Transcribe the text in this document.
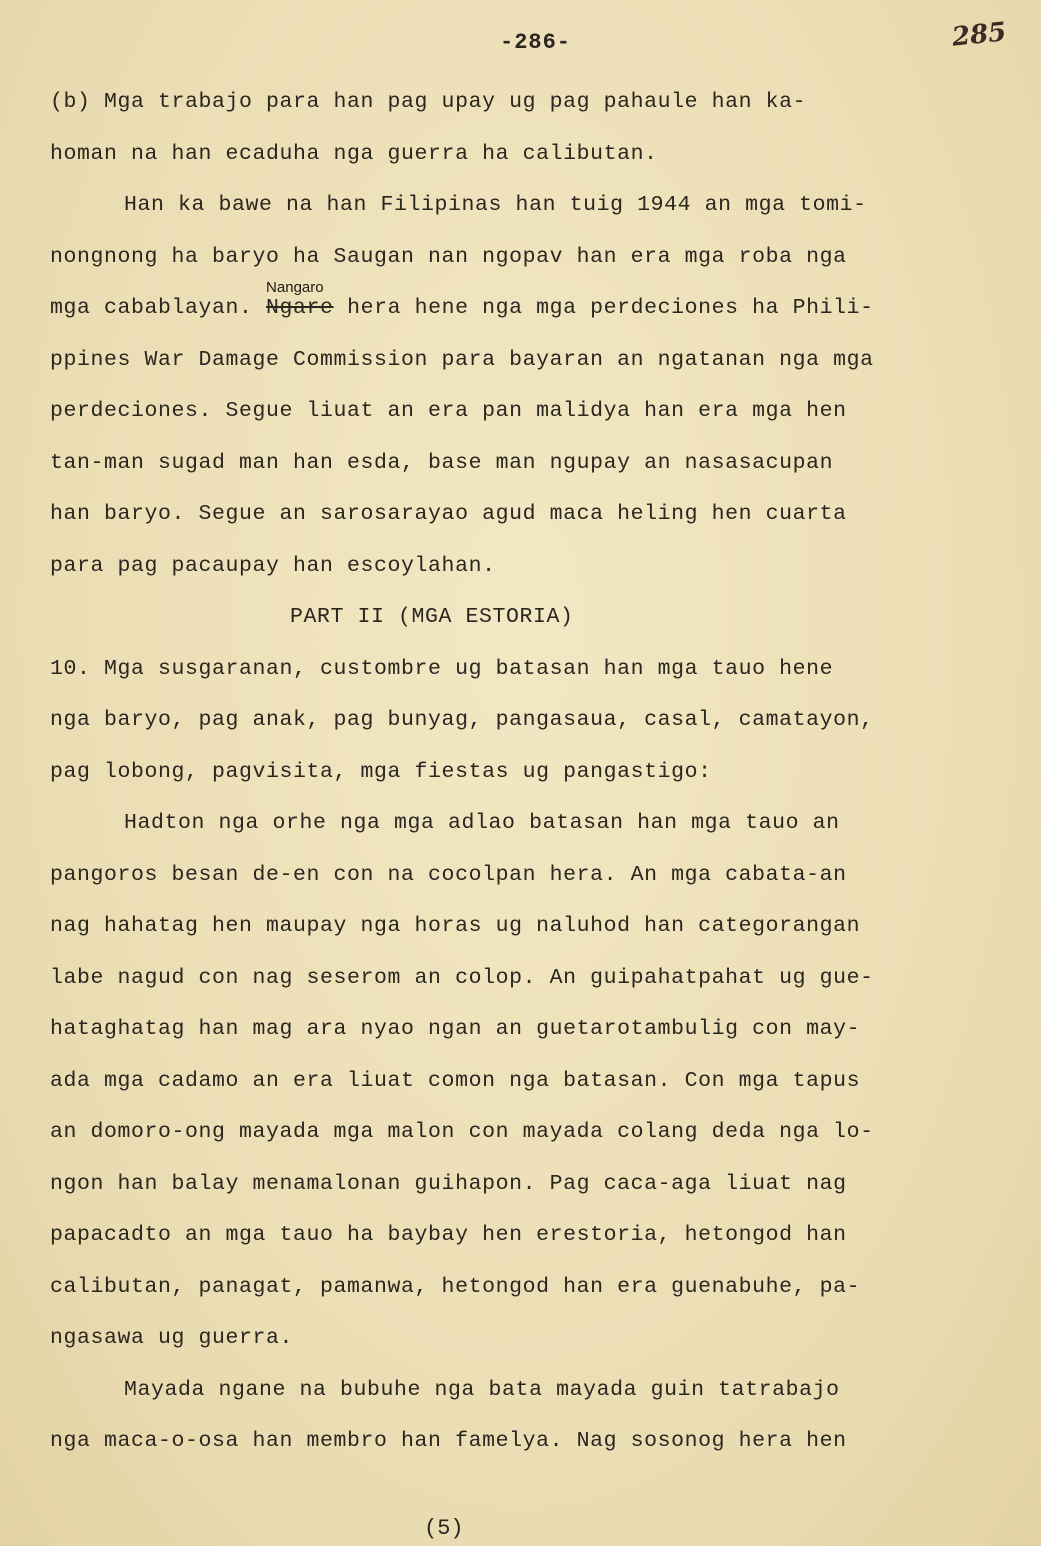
-286-	285
(b) Mga trabajo para han pag upay ug pag pahaule han ka-
homan na han ecaduha nga guerra ha calibutan.
Han ka bawe na han Filipinas han tuig 1944 an mga tomi-
nongnong ha baryo ha Saugan nan ngopav han era mga roba nga
mga cabablayan. Ngare
Nangaro
hera hene nga mga perdeciones ha Phili-
ppines War Damage Commission para bayaran an ngatanan nga mga
perdeciones. Segue liuat an era pan malidya han era mga hen
tan-man sugad man han esda, base man ngupay an nasasacupan
han baryo. Segue an sarosarayao agud maca heling hen cuarta
para pag pacaupay han escoylahan.
PART II (MGA ESTORIA)
10. Mga susgaranan, custombre ug batasan han mga tauo hene
nga baryo, pag anak, pag bunyag, pangasaua, casal, camatayon,
pag lobong, pagvisita, mga fiestas ug pangastigo:
Hadton nga orhe nga mga adlao batasan han mga tauo an
pangoros besan de-en con na cocolpan hera. An mga cabata-an
nag hahatag hen maupay nga horas ug naluhod han categorangan
labe nagud con nag seserom an colop. An guipahatpahat ug gue-
hataghatag han mag ara nyao ngan an guetarotambulig con may-
ada mga cadamo an era liuat comon nga batasan. Con mga tapus
an domoro-ong mayada mga malon con mayada colang deda nga lo-
ngon han balay menamalonan guihapon. Pag caca-aga liuat nag
papacadto an mga tauo ha baybay hen erestoria, hetongod han
calibutan, panagat, pamanwa, hetongod han era guenabuhe, pa-
ngasawa ug guerra.
Mayada ngane na bubuhe nga bata mayada guin tatrabajo
nga maca-o-osa han membro han famelya. Nag sosonog hera hen
(5)
